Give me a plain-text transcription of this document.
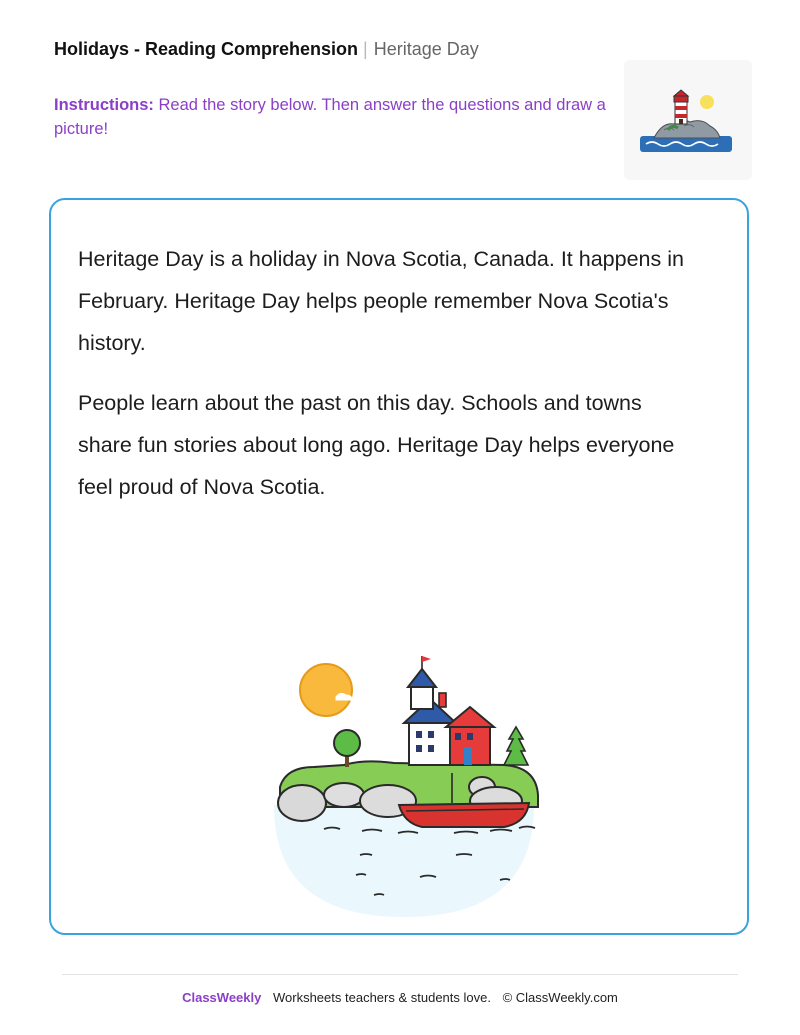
Holidays - Reading Comprehension | Heritage Day
Instructions: Read the story below. Then answer the questions and draw a picture!

Heritage Day is a holiday in Nova Scotia, Canada. It happens in February. Heritage Day helps people remember Nova Scotia's history.

People learn about the past on this day. Schools and towns share fun stories about long ago. Heritage Day helps everyone feel proud of Nova Scotia.

ClassWeekly Worksheets teachers & students love. © ClassWeekly.com
